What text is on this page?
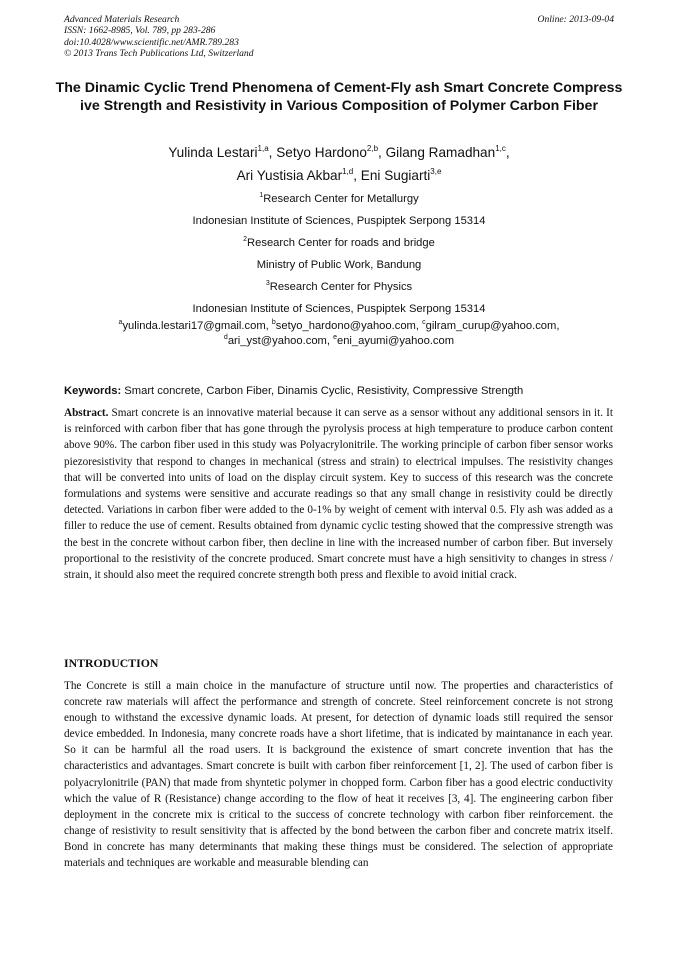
Advanced Materials Research
ISSN: 1662-8985, Vol. 789, pp 283-286
doi:10.4028/www.scientific.net/AMR.789.283
© 2013 Trans Tech Publications Ltd, Switzerland
Online: 2013-09-04
The Dinamic Cyclic Trend Phenomena of Cement-Fly ash Smart Concrete Compress ive Strength and Resistivity in Various Composition of Polymer Carbon Fiber
Yulinda Lestari$^{1,a}$, Setyo Hardono$^{2,b}$, Gilang Ramadhan$^{1,c}$,
Ari Yustisia Akbar$^{1,d}$, Eni Sugiarti$^{3,e}$
$^1$Research Center for Metallurgy
Indonesian Institute of Sciences, Puspiptek Serpong 15314
$^2$Research Center for roads and bridge
Ministry of Public Work, Bandung
$^3$Research Center for Physics
Indonesian Institute of Sciences, Puspiptek Serpong 15314
$^a$yulinda.lestari17@gmail.com, $^b$setyo_hardono@yahoo.com, $^c$gilram_curup@yahoo.com,
$^d$ari_yst@yahoo.com, $^e$eni_ayumi@yahoo.com
Keywords: Smart concrete, Carbon Fiber, Dinamis Cyclic, Resistivity, Compressive Strength
Abstract. Smart concrete is an innovative material because it can serve as a sensor without any additional sensors in it. It is reinforced with carbon fiber that has gone through the pyrolysis process at high temperature to produce carbon content above 90%. The carbon fiber used in this study was Polyacrylonitrile. The working principle of carbon fiber sensor works piezoresistivity that respond to changes in mechanical (stress and strain) to electrical impulses. The resistivity changes that will be converted into units of load on the display circuit system. Key to success of this research was the concrete formulations and systems were sensitive and accurate readings so that any small change in resistivity could be directly detected. Variations in carbon fiber were added to the 0-1% by weight of cement with interval 0.5. Fly ash was added as a filler to reduce the use of cement. Results obtained from dynamic cyclic testing showed that the compressive strength was the best in the concrete without carbon fiber, then decline in line with the increased number of carbon fiber. But inversely proportional to the resistivity of the concrete produced. Smart concrete must have a high sensitivity to changes in stress / strain, it should also meet the required concrete strength both press and flexible to avoid initial crack.
INTRODUCTION
The Concrete is still a main choice in the manufacture of structure until now. The properties and characteristics of concrete raw materials will affect the performance and strength of concrete. Steel reinforcement concrete is not strong enough to withstand the excessive dynamic loads. At present, for detection of dynamic loads still required the sensor device embedded. In Indonesia, many concrete roads have a short lifetime, that is indicated by maintanance in each year. So it can be harmful all the road users. It is background the existence of smart concrete invention that has the characteristics and advantages. Smart concrete is built with carbon fiber reinforcement [1, 2]. The used of carbon fiber is polyacrylonitrile (PAN) that made from shyntetic polymer in chopped form. Carbon fiber has a good electric conductivity which the value of R (Resistance) change according to the flow of heat it receives [3, 4]. The engineering carbon fiber deployment in the concrete mix is critical to the success of concrete technology with carbon fiber reinforcement. the change of resistivity to result sensitivity that is affected by the bond between the carbon fiber and concrete matrix itself. Bond in concrete has many determinants that making these things must be considered. The selection of appropriate materials and techniques are workable and measurable blending can
